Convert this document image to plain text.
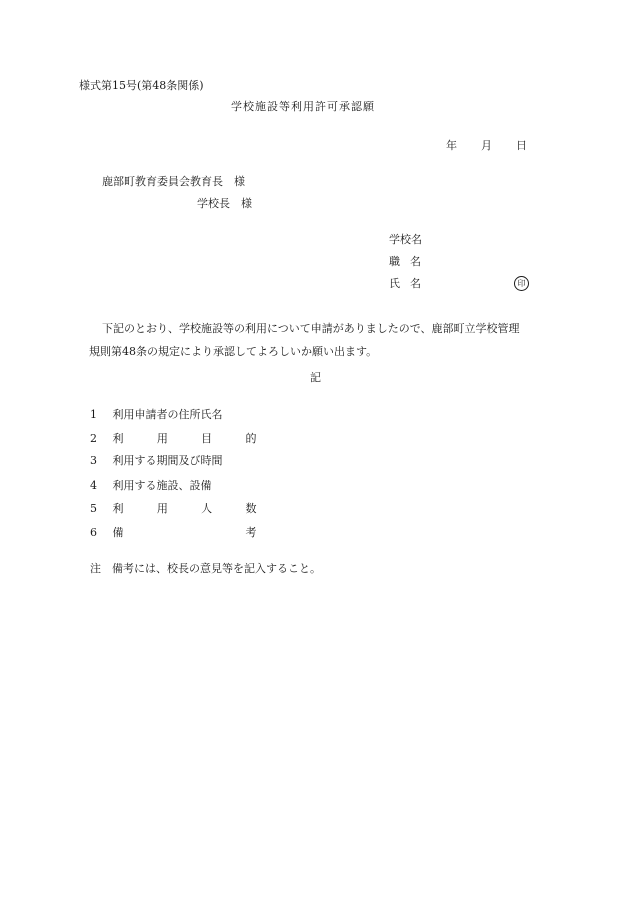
様式第15号(第48条関係)
学校施設等利用許可承認願
年 月 日
鹿部町教育委員会教育長　様
学校長　様
学校名
職 名
氏 名	印
下記のとおり、学校施設等の利用について申請がありましたので、鹿部町立学校管理
規則第48条の規定により承認してよろしいか願い出ます。
記
1 利用申請者の住所氏名
2 利	用	目	的
3 利用する期間及び時間
4 利用する施設、設備
5 利	用	人	数
6 備	考
注　備考には、校長の意見等を記入すること。
